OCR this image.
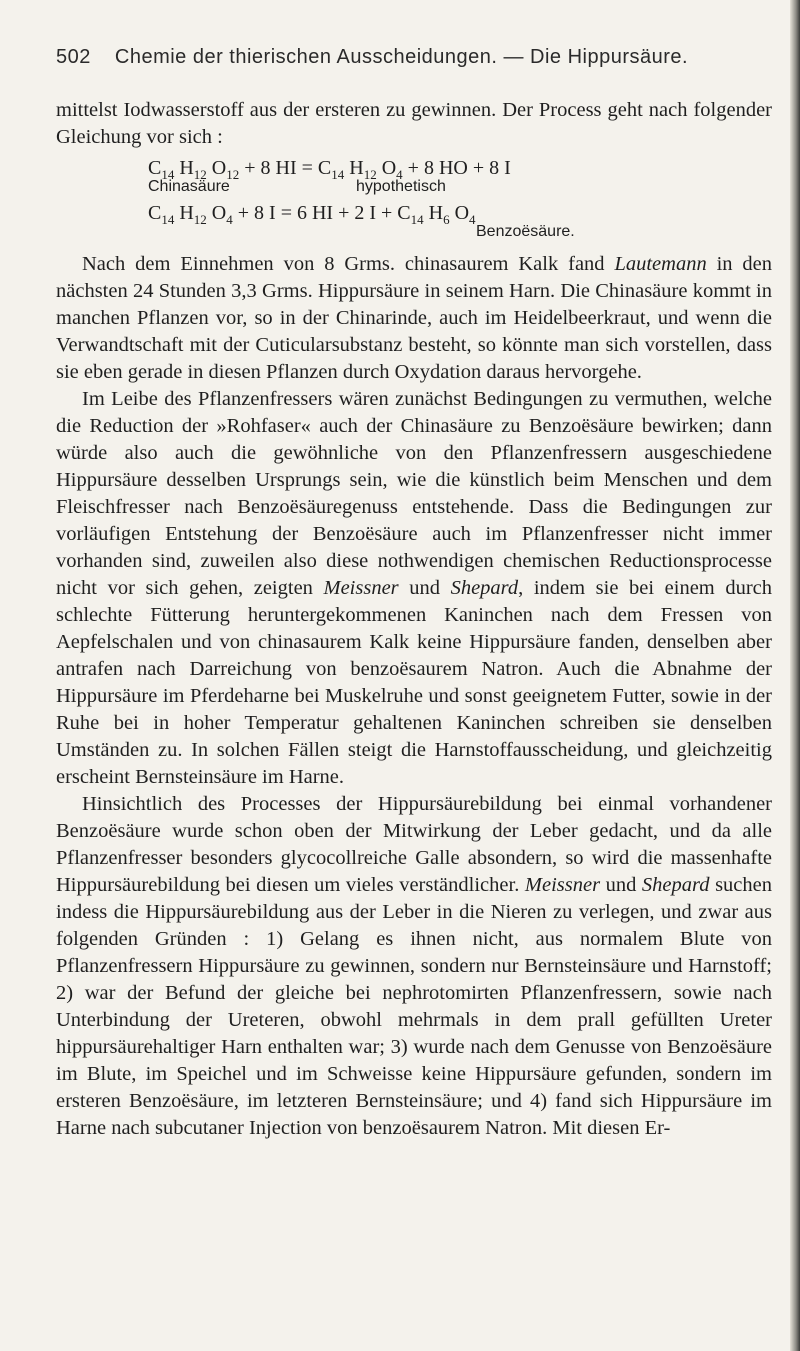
502 Chemie der thierischen Ausscheidungen. — Die Hippursäure.

mittelst Iodwasserstoff aus der ersteren zu gewinnen. Der Process geht nach folgender Gleichung vor sich :

$C_{14}$ $H_{12}$ $O_{12} + 8$ HI = $C_{14}$ $H_{12}$ $O_4 + 8$ HO + 8 I
Chinasäure	hypothetisch
$C_{14}$ $H_{12}$ $O_4 + 8$ I = 6 HI + 2 $I + C_{14}$ $H_6$ $O_4$
Benzoësäure.

Nach dem Einnehmen von 8 Grms. chinasaurem Kalk fand Lautemann in den nächsten 24 Stunden 3,3 Grms. Hippursäure in seinem Harn. Die Chinasäure kommt in manchen Pflanzen vor, so in der Chinarinde, auch im Heidelbeerkraut, und wenn die Verwandtschaft mit der Cuticularsubstanz besteht, so könnte man sich vorstellen, dass sie eben gerade in diesen Pflanzen durch Oxydation daraus hervorgehe.

Im Leibe des Pflanzenfressers wären zunächst Bedingungen zu vermuthen, welche die Reduction der »Rohfaser« auch der Chinasäure zu Benzoësäure bewirken; dann würde also auch die gewöhnliche von den Pflanzenfressern ausgeschiedene Hippursäure desselben Ursprungs sein, wie die künstlich beim Menschen und dem Fleischfresser nach Benzoësäuregenuss entstehende. Dass die Bedingungen zur vorläufigen Entstehung der Benzoësäure auch im Pflanzenfresser nicht immer vorhanden sind, zuweilen also diese nothwendigen chemischen Reductionsprocesse nicht vor sich gehen, zeigten Meissner und Shepard, indem sie bei einem durch schlechte Fütterung heruntergekommenen Kaninchen nach dem Fressen von Aepfelschalen und von chinasaurem Kalk keine Hippursäure fanden, denselben aber antrafen nach Darreichung von benzoësaurem Natron. Auch die Abnahme der Hippursäure im Pferdeharne bei Muskelruhe und sonst geeignetem Futter, sowie in der Ruhe bei in hoher Temperatur gehaltenen Kaninchen schreiben sie denselben Umständen zu. In solchen Fällen steigt die Harnstoffausscheidung, und gleichzeitig erscheint Bernsteinsäure im Harne.

Hinsichtlich des Processes der Hippursäurebildung bei einmal vorhandener Benzoësäure wurde schon oben der Mitwirkung der Leber gedacht, und da alle Pflanzenfresser besonders glycocollreiche Galle absondern, so wird die massenhafte Hippursäurebildung bei diesen um vieles verständlicher. Meissner und Shepard suchen indess die Hippursäurebildung aus der Leber in die Nieren zu verlegen, und zwar aus folgenden Gründen : 1) Gelang es ihnen nicht, aus normalem Blute von Pflanzenfressern Hippursäure zu gewinnen, sondern nur Bernsteinsäure und Harnstoff; 2) war der Befund der gleiche bei nephrotomirten Pflanzenfressern, sowie nach Unterbindung der Ureteren, obwohl mehrmals in dem prall gefüllten Ureter hippursäurehaltiger Harn enthalten war; 3) wurde nach dem Genusse von Benzoësäure im Blute, im Speichel und im Schweisse keine Hippursäure gefunden, sondern im ersteren Benzoësäure, im letzteren Bernsteinsäure; und 4) fand sich Hippursäure im Harne nach subcutaner Injection von benzoësaurem Natron. Mit diesen Er-
